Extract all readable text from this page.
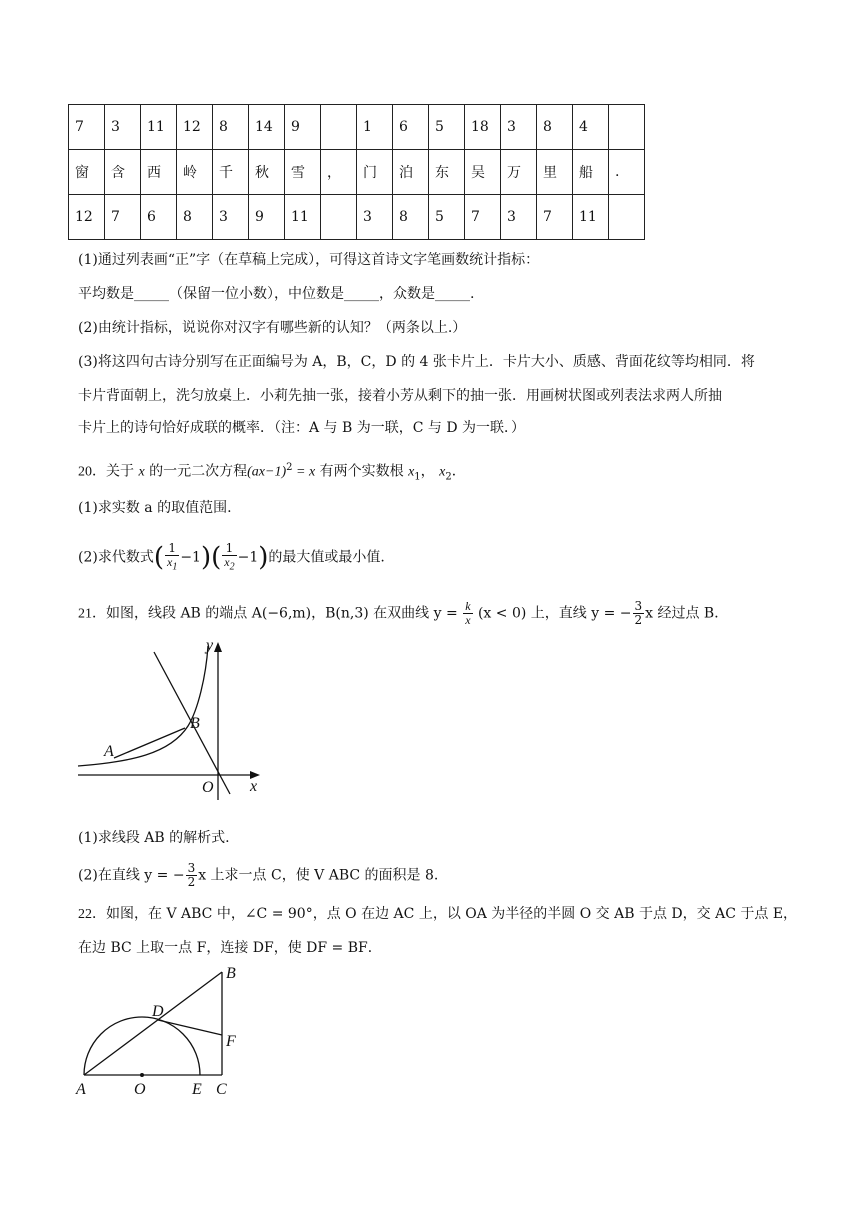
7	3	11	12	8	14	9		1	6	5	18	3	8	4	
窗	含	西	岭	千	秋	雪	，	门	泊	东	吴	万	里	船	.
12	7	6	8	3	9	11		3	8	5	7	3	7	11	
(1)通过列表画“正”字（在草稿上完成），可得这首诗文字笔画数统计指标：
平均数是_____（保留一位小数），中位数是_____，众数是_____.
(2)由统计指标，说说你对汉字有哪些新的认知？（两条以上.）
(3)将这四句古诗分别写在正面编号为 A，B，C，D 的 4 张卡片上．卡片大小、质感、背面花纹等均相同．将
卡片背面朝上，洗匀放桌上．小莉先抽一张，接着小芳从剩下的抽一张．用画树状图或列表法求两人所抽
卡片上的诗句恰好成联的概率．（注：A 与 B 为一联，C 与 D 为一联．）
20．关于 x 的一元二次方程$(ax-1)^2 = x$ 有两个实数根 $x_1$， $x_2$．
(1)求实数 a 的取值范围.
(2)求代数式( $\frac{1}{x_1} -1)( \frac{1}{x_2} -1)$的最大值或最小值.
21．如图，线段 AB 的端点 A(−6,m)，B(n,3) 在双曲线 $y = \frac{k}{x} (x < 0)$ 上，直线 y = − $\frac{3}{2}$ x 经过点 B．
y
x
O
A
B
(1)求线段 AB 的解析式.
(2)在直线 y = − $\frac{3}{2}$ x 上求一点 C，使 V ABC 的面积是 8.
22．如图，在 V ABC 中，∠C = 90°，点 O 在边 AC 上，以 OA 为半径的半圆 O 交 AB 于点 D，交 AC 于点 E，
在边 BC 上取一点 F，连接 DF，使 DF = BF．
A
B
C
D
E
F
O
